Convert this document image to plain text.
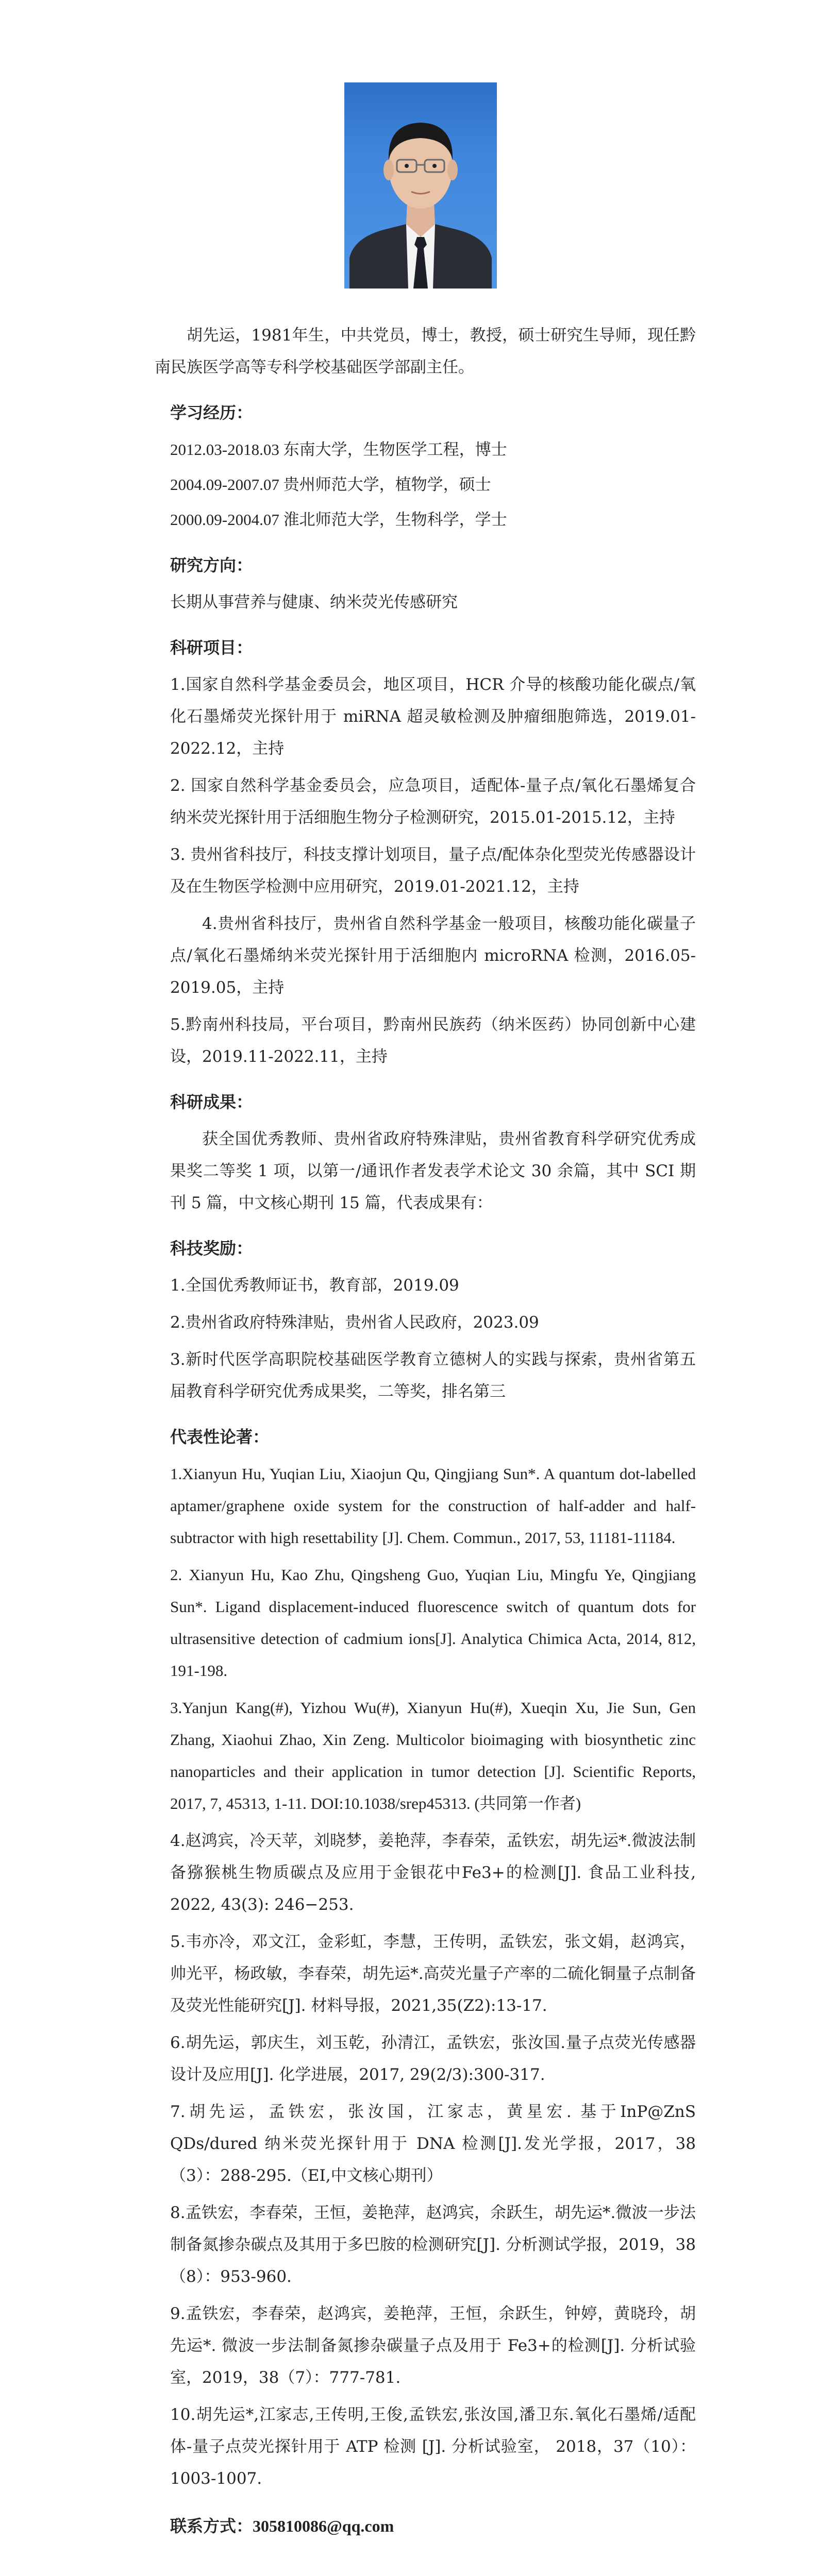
胡先运，1981年生，中共党员，博士，教授，硕士研究生导师，现任黔南民族医学高等专科学校基础医学部副主任。

学习经历：
2012.03-2018.03 东南大学，生物医学工程，博士
2004.09-2007.07 贵州师范大学，植物学，硕士
2000.09-2004.07 淮北师范大学，生物科学，学士
研究方向：
长期从事营养与健康、纳米荧光传感研究
科研项目：
1.国家自然科学基金委员会，地区项目，HCR 介导的核酸功能化碳点/氧化石墨烯荧光探针用于 miRNA 超灵敏检测及肿瘤细胞筛选，2019.01-2022.12，主持
2. 国家自然科学基金委员会，应急项目，适配体-量子点/氧化石墨烯复合纳米荧光探针用于活细胞生物分子检测研究，2015.01-2015.12，主持
3. 贵州省科技厅，科技支撑计划项目，量子点/配体杂化型荧光传感器设计及在生物医学检测中应用研究，2019.01-2021.12，主持
4.贵州省科技厅，贵州省自然科学基金一般项目，核酸功能化碳量子点/氧化石墨烯纳米荧光探针用于活细胞内 microRNA 检测，2016.05-2019.05，主持
5.黔南州科技局，平台项目，黔南州民族药（纳米医药）协同创新中心建设，2019.11-2022.11，主持
科研成果：
获全国优秀教师、贵州省政府特殊津贴，贵州省教育科学研究优秀成果奖二等奖 1 项，以第一/通讯作者发表学术论文 30 余篇，其中 SCI 期刊 5 篇，中文核心期刊 15 篇，代表成果有：
科技奖励：
1.全国优秀教师证书，教育部，2019.09
2.贵州省政府特殊津贴，贵州省人民政府，2023.09
3.新时代医学高职院校基础医学教育立德树人的实践与探索，贵州省第五届教育科学研究优秀成果奖，二等奖，排名第三
代表性论著：
1.Xianyun Hu, Yuqian Liu, Xiaojun Qu, Qingjiang Sun*. A quantum dot-labelled aptamer/graphene oxide system for the construction of half-adder and half-subtractor with high resettability [J]. Chem. Commun., 2017, 53, 11181-11184.
2. Xianyun Hu, Kao Zhu, Qingsheng Guo, Yuqian Liu, Mingfu Ye, Qingjiang Sun*. Ligand displacement-induced fluorescence switch of quantum dots for ultrasensitive detection of cadmium ions[J]. Analytica Chimica Acta, 2014, 812, 191-198.
3.Yanjun Kang(#), Yizhou Wu(#), Xianyun Hu(#), Xueqin Xu, Jie Sun, Gen Zhang, Xiaohui Zhao, Xin Zeng. Multicolor bioimaging with biosynthetic zinc nanoparticles and their application in tumor detection [J]. Scientific Reports, 2017, 7, 45313, 1-11. DOI:10.1038/srep45313. (共同第一作者)
4.赵鸿宾，冷天苹，刘晓梦，姜艳萍，李春荣，孟铁宏，胡先运*.微波法制备猕猴桃生物质碳点及应用于金银花中Fe3+的检测[J]. 食品工业科技, 2022, 43(3): 246−253.
5.韦亦冷，邓文江，金彩虹，李慧，王传明，孟铁宏，张文娟，赵鸿宾，帅光平，杨政敏，李春荣，胡先运*.高荧光量子产率的二硫化铜量子点制备及荧光性能研究[J]. 材料导报，2021,35(Z2):13-17.
6.胡先运，郭庆生，刘玉乾，孙清江，孟铁宏，张汝国.量子点荧光传感器设计及应用[J]. 化学进展，2017, 29(2/3):300-317.
7.胡先运，孟铁宏，张汝国，江家志，黄星宏. 基于InP@ZnS QDs/dured 纳米荧光探针用于 DNA 检测[J].发光学报，2017，38（3）：288-295.（EI,中文核心期刊）
8.孟铁宏，李春荣，王恒，姜艳萍，赵鸿宾，余跃生，胡先运*.微波一步法制备氮掺杂碳点及其用于多巴胺的检测研究[J]. 分析测试学报，2019，38（8）：953-960.
9.孟铁宏，李春荣，赵鸿宾，姜艳萍，王恒，余跃生，钟婷，黄晓玲，胡先运*. 微波一步法制备氮掺杂碳量子点及用于 Fe3+的检测[J]. 分析试验室，2019，38（7）：777-781.
10.胡先运*,江家志,王传明,王俊,孟铁宏,张汝国,潘卫东.氧化石墨烯/适配体-量子点荧光探针用于 ATP 检测 [J]. 分析试验室， 2018，37（10）：1003-1007.
联系方式：305810086@qq.com
